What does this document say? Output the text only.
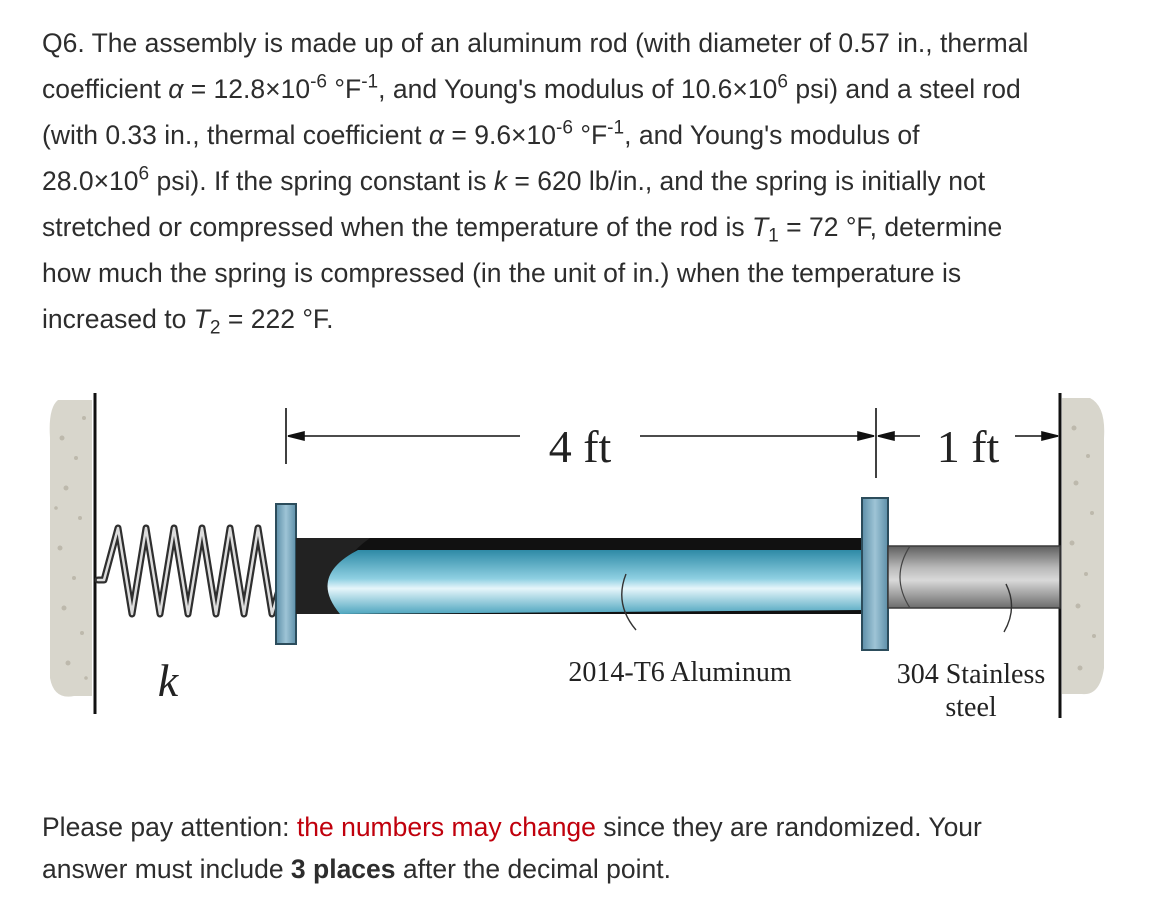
Q6. The assembly is made up of an aluminum rod (with diameter of 0.57 in., thermal
coefficient $\alpha = 12.8\times 10^{-6}$ $^\circ F^{-1}$, and Young's modulus of $10.6\times 10^6$ psi) and a steel rod
(with 0.33 in., thermal coefficient $\alpha = 9.6\times 10^{-6}$ $^\circ F^{-1}$, and Young's modulus of
$28.0\times 10^6$ psi). If the spring constant is k = 620 lb/in., and the spring is initially not
stretched or compressed when the temperature of the rod is $T_1 = 72$ °F, determine
how much the spring is compressed (in the unit of in.) when the temperature is
increased to $T_2 = 222$ °F.
4 ft	1 ft
k	2014-T6 Aluminum	304 Stainless
steel
Please pay attention: the numbers may change since they are randomized. Your
answer must include 3 places after the decimal point.
